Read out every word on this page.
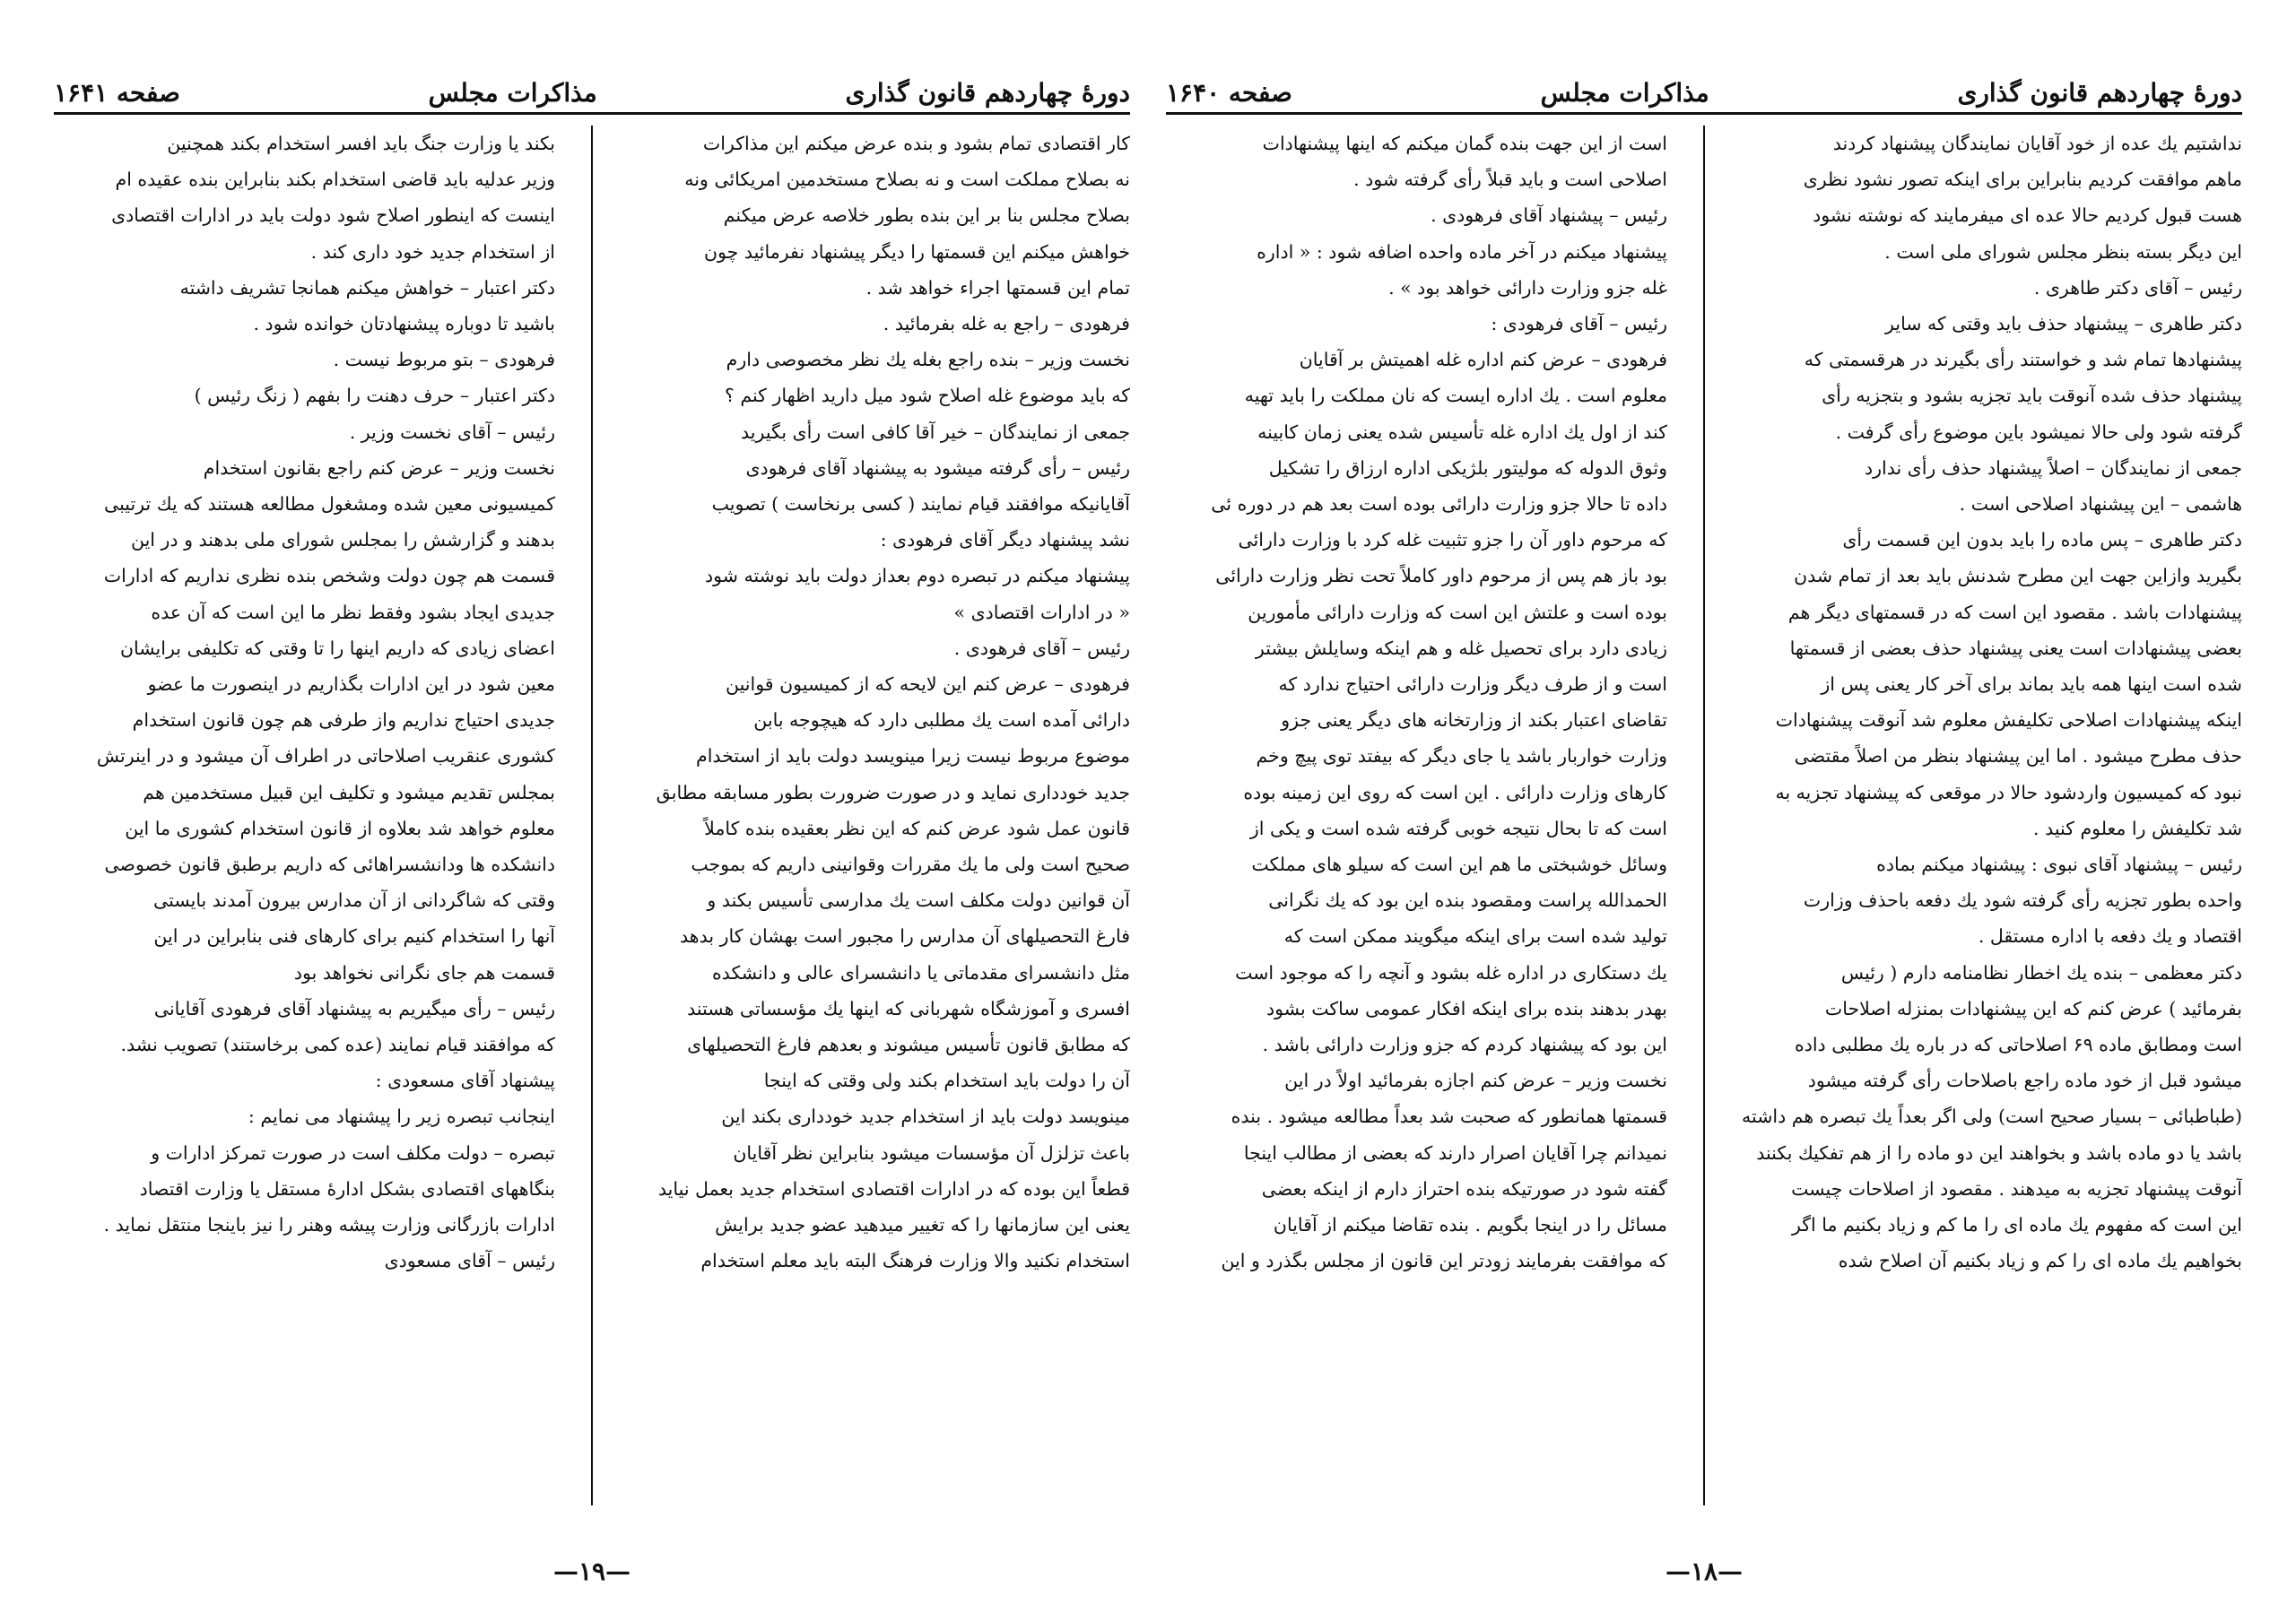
دورهٔ چهاردهم قانون گذاری
مذاکرات مجلس
صفحه ۱۶۴۱

کار اقتصادی تمام بشود و بنده عرض میکنم این مذاکرات

نه بصلاح مملکت است و نه بصلاح مستخدمین امریکائی ونه

بصلاح مجلس بنا بر این بنده بطور خلاصه عرض میکنم

خواهش میکنم این قسمتها را دیگر پیشنهاد نفرمائید چون

تمام این قسمتها اجراء خواهد شد .

فرهودی – راجع به غله بفرمائید .

نخست وزیر – بنده راجع بغله یك نظر مخصوصی دارم

که باید موضوع غله اصلاح شود میل دارید اظهار کنم ؟

جمعی از نمایندگان – خیر آقا کافی است رأی بگیرید

رئیس – رأی گرفته میشود به پیشنهاد آقای فرهودی

آقایانیکه موافقند قیام نمایند ( کسی برنخاست ) تصویب

نشد پیشنهاد دیگر آقای فرهودی :

پیشنهاد میکنم در تبصره دوم بعداز دولت باید نوشته شود

« در ادارات اقتصادی »

رئیس – آقای فرهودی .

فرهودی – عرض کنم این لایحه که از کمیسیون قوانین

دارائی آمده است یك مطلبی دارد که هیچوجه بابن

موضوع مربوط نیست زیرا مینویسد دولت باید از استخدام

جدید خودداری نماید و در صورت ضرورت بطور مسابقه مطابق

قانون عمل شود عرض کنم که این نظر بعقیده بنده کاملاً

صحیح است ولی ما یك مقررات وقوانینی داریم که بموجب

آن قوانین دولت مکلف است یك مدارسی تأسیس بکند و

فارغ التحصیلهای آن مدارس را مجبور است بهشان کار بدهد

مثل دانشسرای مقدماتی یا دانشسرای عالی و دانشکده

افسری و آموزشگاه شهربانی که اینها یك مؤسساتی هستند

که مطابق قانون تأسیس میشوند و بعدهم فارغ التحصیلهای

آن را دولت باید استخدام بکند ولی وقتی که اینجا

مینویسد دولت باید از استخدام جدید خودداری بکند این

باعث تزلزل آن مؤسسات میشود بنابراین نظر آقایان

قطعاً این بوده که در ادارات اقتصادی استخدام جدید بعمل نیاید

یعنی این سازمانها را که تغییر میدهید عضو جدید برایش

استخدام نکنید والا وزارت فرهنگ البته باید معلم استخدام

بکند یا وزارت جنگ باید افسر استخدام بکند همچنین

وزیر عدلیه باید قاضی استخدام بکند بنابراین بنده عقیده ام

اینست که اینطور اصلاح شود دولت باید در ادارات اقتصادی

از استخدام جدید خود داری کند .

دکتر اعتبار – خواهش میکنم همانجا تشریف داشته

باشید تا دوباره پیشنهادتان خوانده شود .

فرهودی – بتو مربوط نیست .

دکتر اعتبار – حرف دهنت را بفهم ( زنگ رئیس )

رئیس – آقای نخست وزیر .

نخست وزیر – عرض کنم راجع بقانون استخدام

کمیسیونی معین شده ومشغول مطالعه هستند که یك ترتیبی

بدهند و گزارشش را بمجلس شورای ملی بدهند و در این

قسمت هم چون دولت وشخص بنده نظری نداریم که ادارات

جدیدی ایجاد بشود وفقط نظر ما این است که آن عده

اعضای زیادی که داریم اینها را تا وقتی که تکلیفی برایشان

معین شود در این ادارات بگذاریم در اینصورت ما عضو

جدیدی احتیاج نداریم واز طرفی هم چون قانون استخدام

کشوری عنقریب اصلاحاتی در اطراف آن میشود و در اینرتش

بمجلس تقدیم میشود و تکلیف این قبیل مستخدمین هم

معلوم خواهد شد بعلاوه از قانون استخدام کشوری ما این

دانشکده ها ودانشسراهائی که داریم برطبق قانون خصوصی

وقتی که شاگردانی از آن مدارس بیرون آمدند بایستی

آنها را استخدام کنیم برای کارهای فنی بنابراین در این

قسمت هم جای نگرانی نخواهد بود

رئیس – رأی میگیریم به پیشنهاد آقای فرهودی آقایانی

که موافقند قیام نمایند (عده کمی برخاستند) تصویب نشد.

پیشنهاد آقای مسعودی :

اینجانب تبصره زیر را پیشنهاد می نمایم :

تبصره – دولت مکلف است در صورت تمرکز ادارات و

بنگاههای اقتصادی بشکل ادارهٔ مستقل یا وزارت اقتصاد

ادارات بازرگانی وزارت پیشه وهنر را نیز باینجا منتقل نماید .

رئیس – آقای مسعودی

—۱۹—
دورهٔ چهاردهم قانون گذاری
مذاکرات مجلس
صفحه ۱۶۴۰

نداشتیم یك عده از خود آقایان نمایندگان پیشنهاد کردند

ماهم موافقت کردیم بنابراین برای اینکه تصور نشود نظری

هست قبول کردیم حالا عده ای میفرمایند که نوشته نشود

این دیگر بسته بنظر مجلس شورای ملی است .

رئیس – آقای دکتر طاهری .

دکتر طاهری – پیشنهاد حذف باید وقتی که سایر

پیشنهادها تمام شد و خواستند رأی بگیرند در هرقسمتی که

پیشنهاد حذف شده آنوقت باید تجزیه بشود و بتجزیه رأی

گرفته شود ولی حالا نمیشود باین موضوع رأی گرفت .

جمعی از نمایندگان – اصلاً پیشنهاد حذف رأی ندارد

هاشمی – این پیشنهاد اصلاحی است .

دکتر طاهری – پس ماده را باید بدون این قسمت رأی

بگیرید وازاین جهت این مطرح شدنش باید بعد از تمام شدن

پیشنهادات باشد . مقصود این است که در قسمتهای دیگر هم

بعضی پیشنهادات است یعنی پیشنهاد حذف بعضی از قسمتها

شده است اینها همه باید بماند برای آخر کار یعنی پس از

اینکه پیشنهادات اصلاحی تکلیفش معلوم شد آنوقت پیشنهادات

حذف مطرح میشود . اما این پیشنهاد بنظر من اصلاً مقتضی

نبود که کمیسیون واردشود حالا در موقعی که پیشنهاد تجزیه به

شد تکلیفش را معلوم کنید .

رئیس – پیشنهاد آقای نبوی : پیشنهاد میکنم بماده

واحده بطور تجزیه رأی گرفته شود یك دفعه باحذف وزارت

اقتصاد و یك دفعه با اداره مستقل .

دکتر معظمی – بنده یك اخطار نظامنامه دارم ( رئیس

بفرمائید ) عرض کنم که این پیشنهادات بمنزله اصلاحات

است ومطابق ماده ۶۹ اصلاحاتی که در باره یك مطلبی داده

میشود قبل از خود ماده راجع باصلاحات رأی گرفته میشود

(طباطبائی – بسیار صحیح است) ولی اگر بعداً یك تبصره هم داشته

باشد یا دو ماده باشد و بخواهند این دو ماده را از هم تفکیك بکنند

آنوقت پیشنهاد تجزیه به میدهند . مقصود از اصلاحات چیست

این است که مفهوم یك ماده ای را ما کم و زیاد بکنیم ما اگر

بخواهیم یك ماده ای را کم و زیاد بکنیم آن اصلاح شده

است از این جهت بنده گمان میکنم که اینها پیشنهادات

اصلاحی است و باید قبلاً رأی گرفته شود .

رئیس – پیشنهاد آقای فرهودی .

پیشنهاد میکنم در آخر ماده واحده اضافه شود : « اداره

غله جزو وزارت دارائی خواهد بود » .

رئیس – آقای فرهودی :

فرهودی – عرض کنم اداره غله اهمیتش بر آقایان

معلوم است . یك اداره ایست که نان مملکت را باید تهیه

کند از اول یك اداره غله تأسیس شده یعنی زمان کابینه

وثوق الدوله که مولیتور بلژیکی اداره ارزاق را تشکیل

داده تا حالا جزو وزارت دارائی بوده است بعد هم در دوره ئی

که مرحوم داور آن را جزو تثبیت غله کرد با وزارت دارائی

بود باز هم پس از مرحوم داور کاملاً تحت نظر وزارت دارائی

بوده است و علتش این است که وزارت دارائی مأمورین

زیادی دارد برای تحصیل غله و هم اینکه وسایلش بیشتر

است و از طرف دیگر وزارت دارائی احتیاج ندارد که

تقاضای اعتبار بکند از وزارتخانه های دیگر یعنی جزو

وزارت خواربار باشد یا جای دیگر که بیفتد توی پیچ وخم

کارهای وزارت دارائی . این است که روی این زمینه بوده

است که تا بحال نتیجه خوبی گرفته شده است و یکی از

وسائل خوشبختی ما هم این است که سیلو های مملکت

الحمدالله پراست ومقصود بنده این بود که یك نگرانی

تولید شده است برای اینکه میگویند ممکن است که

یك دستکاری در اداره غله بشود و آنچه را که موجود است

بهدر بدهند بنده برای اینکه افکار عمومی ساکت بشود

این بود که پیشنهاد کردم که جزو وزارت دارائی باشد .

نخست وزیر – عرض کنم اجازه بفرمائید اولاً در این

قسمتها همانطور که صحبت شد بعداً مطالعه میشود . بنده

نمیدانم چرا آقایان اصرار دارند که بعضی از مطالب اینجا

گفته شود در صورتیکه بنده احتراز دارم از اینکه بعضی

مسائل را در اینجا بگویم . بنده تقاضا میکنم از آقایان

که موافقت بفرمایند زودتر این قانون از مجلس بگذرد و این

—۱۸—
